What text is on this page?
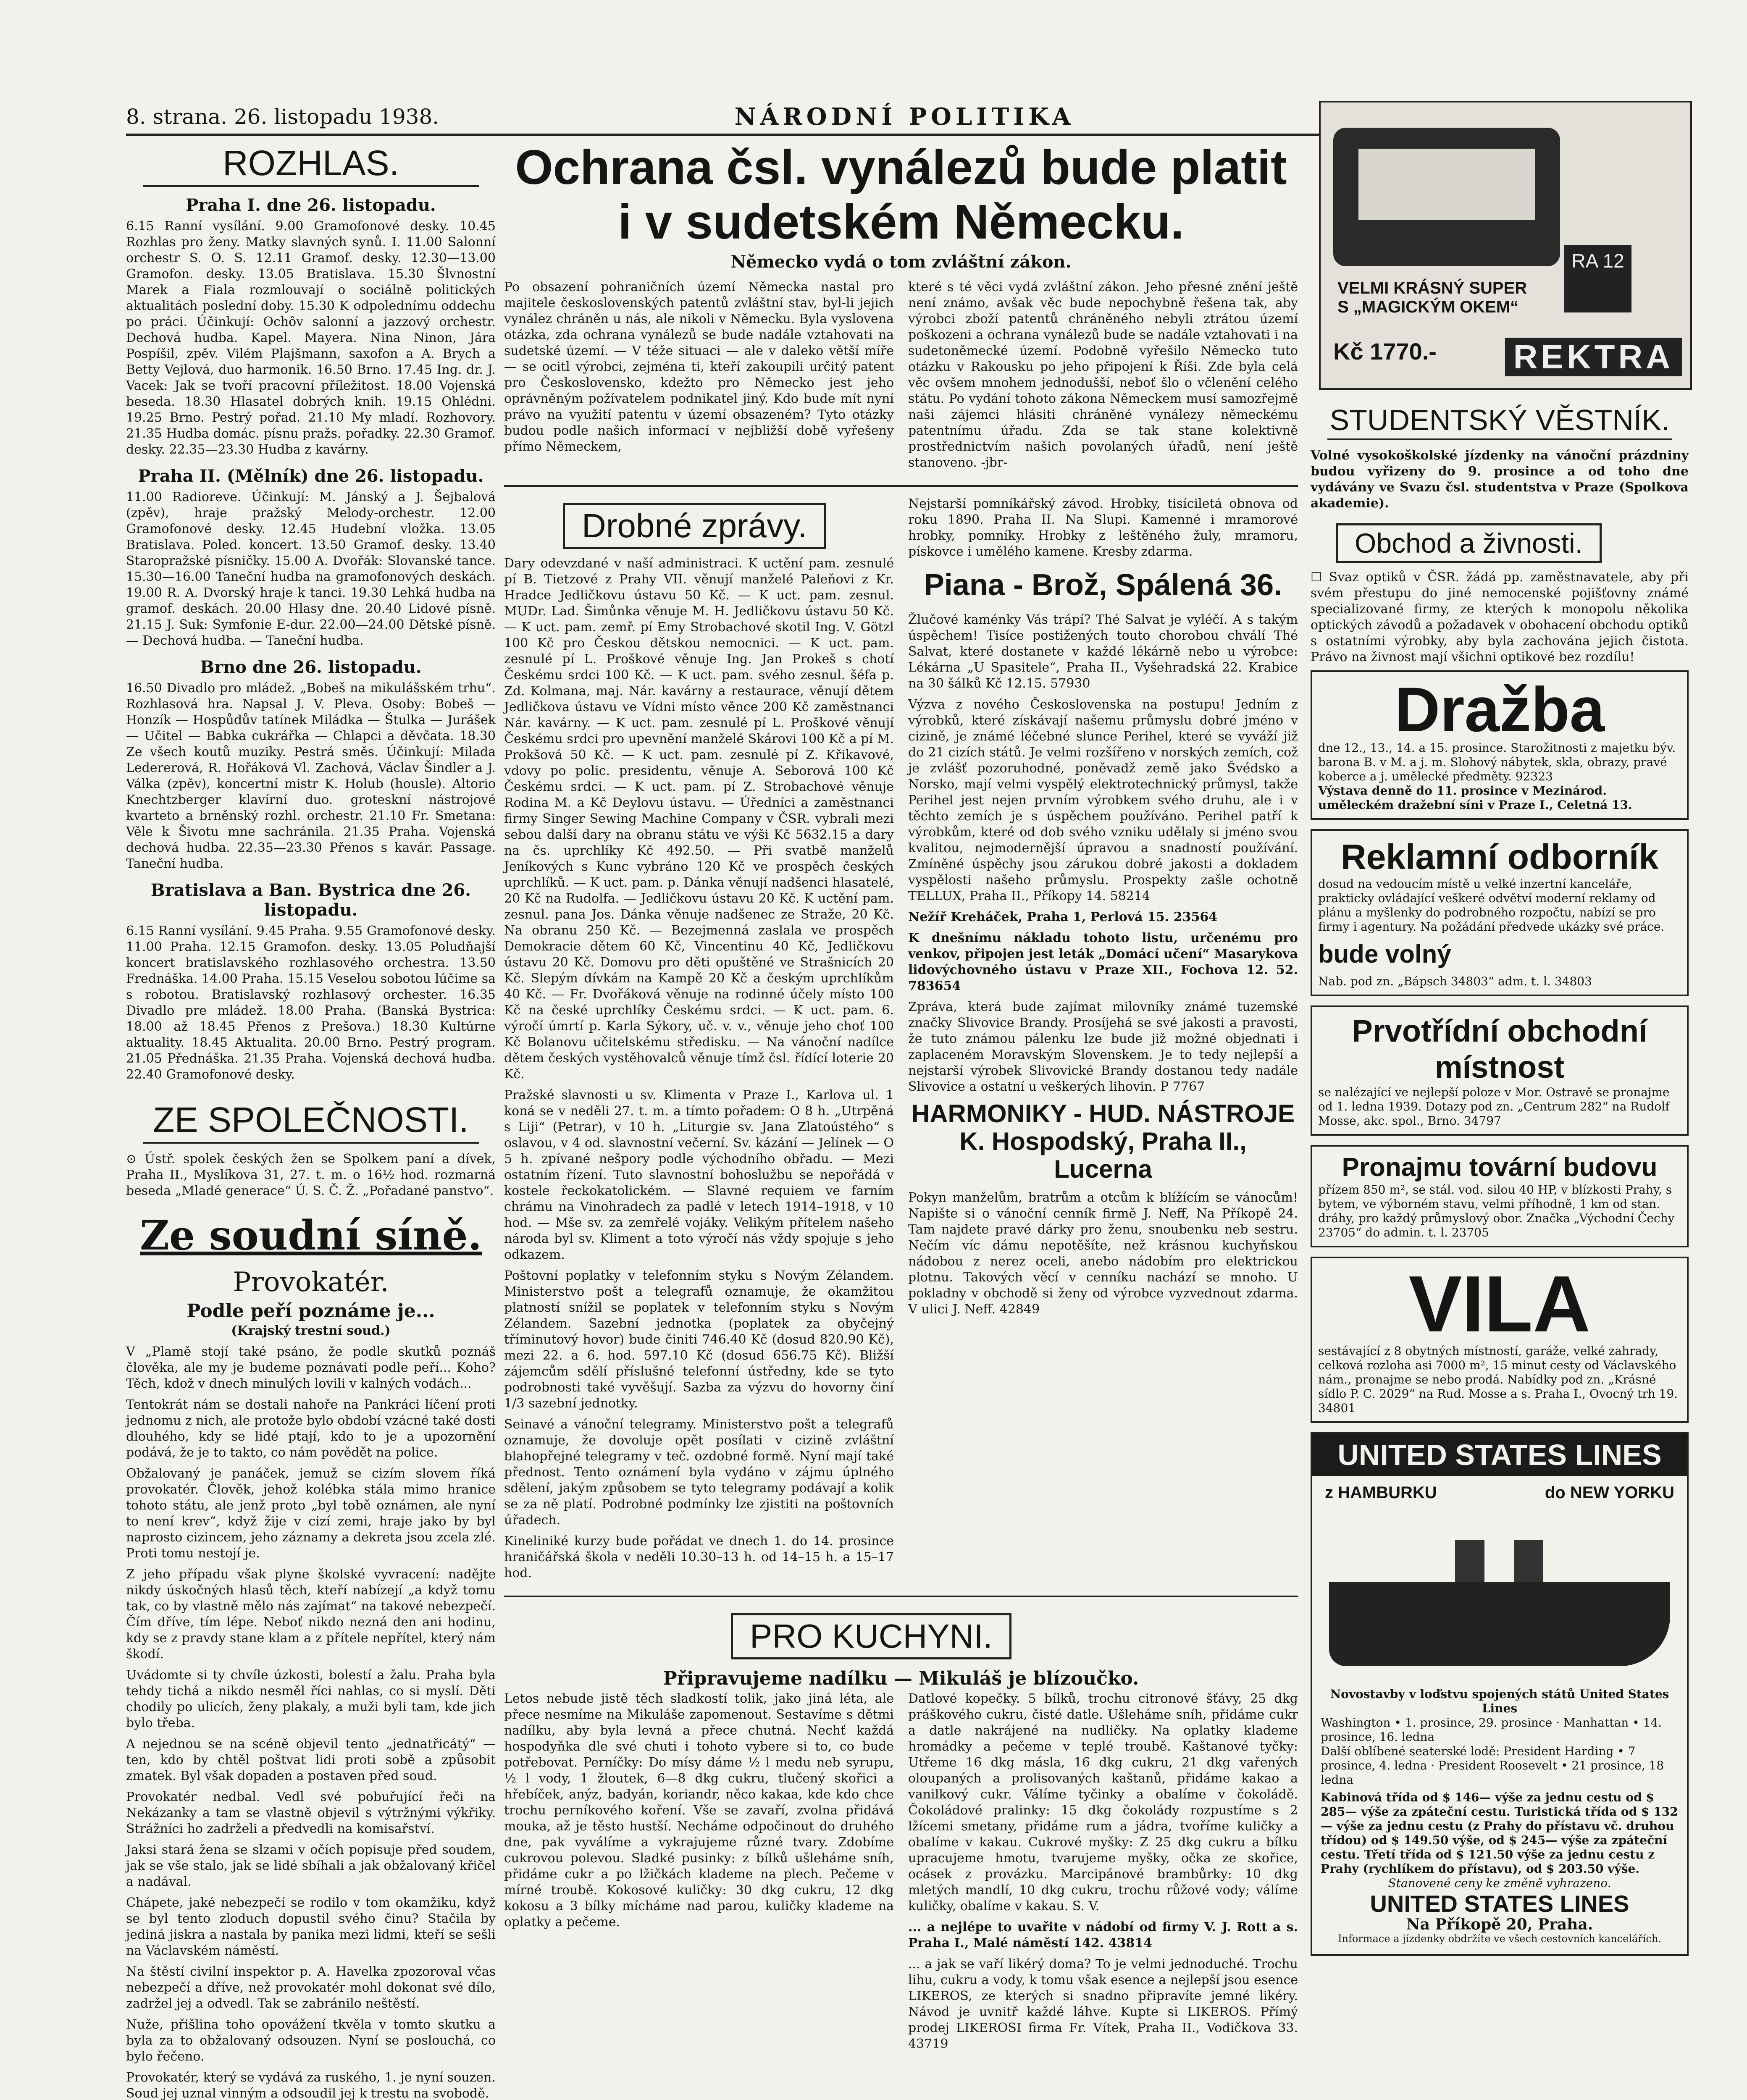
8. strana. 26. listopadu 1938.	NÁRODNÍ POLITIKA
ROZHLAS.
Praha I. dne 26. listopadu.
6.15 Ranní vysílání. 9.00 Gramofonové desky. 10.45 Rozhlas pro ženy. Matky slavných synů. I. 11.00 Salonní orchestr S. O. S. 12.11 Gramof. desky. 12.30—13.00 Gramofon. desky. 13.05 Bratislava. 15.30 Šlvnostní Marek a Fiala rozmlouvají o sociálně politických aktualitách poslední doby. 15.30 K odpolednímu oddechu po práci. Účinkují: Ochôv salonní a jazzový orchestr. Dechová hudba. Kapel. Mayera. Nina Ninon, Jára Pospíšil, zpěv. Vilém Plajšmann, saxofon a A. Brych a Betty Vejlová, duo harmonik. 16.50 Brno. 17.45 Ing. dr. J. Vacek: Jak se tvoří pracovní příležitost. 18.00 Vojenská beseda. 18.30 Hlasatel dobrých knih. 19.15 Ohlédni. 19.25 Brno. Pestrý pořad. 21.10 My mladí. Rozhovory. 21.35 Hudba domác. písnu pražs. pořadky. 22.30 Gramof. desky. 22.35—23.30 Hudba z kavárny.
Praha II. (Mělník) dne 26. listopadu.
11.00 Radioreve. Účinkují: M. Jánský a J. Šejbalová (zpěv), hraje pražský Melody-orchestr. 12.00 Gramofonové desky. 12.45 Hudební vložka. 13.05 Bratislava. Poled. koncert. 13.50 Gramof. desky. 13.40 Staropražské písničky. 15.00 A. Dvořák: Slovanské tance. 15.30—16.00 Taneční hudba na gramofonových deskách. 19.00 R. A. Dvorský hraje k tanci. 19.30 Lehká hudba na gramof. deskách. 20.00 Hlasy dne. 20.40 Lidové písně. 21.15 J. Suk: Symfonie E-dur. 22.00—24.00 Dětské písně. — Dechová hudba. — Taneční hudba.
Brno dne 26. listopadu.
16.50 Divadlo pro mládež. „Bobeš na mikulášském trhu“. Rozhlasová hra. Napsal J. V. Pleva. Osoby: Bobeš — Honzík — Hospůdův tatínek Miládka — Štulka — Jurášek — Učitel — Babka cukrářka — Chlapci a děvčata. 18.30 Ze všech koutů muziky. Pestrá směs. Účinkují: Milada Ledererová, R. Hořáková Vl. Zachová, Václav Šindler a J. Válka (zpěv), koncertní mistr K. Holub (housle). Altorio Knechtzberger klavírní duo. groteskní nástrojové kvarteto a brněnský rozhl. orchestr. 21.10 Fr. Smetana: Věle k Šivotu mne sachránila. 21.35 Praha. Vojenská dechová hudba. 22.35—23.30 Přenos s kavár. Passage. Taneční hudba.
Bratislava a Ban. Bystrica dne 26. listopadu.
6.15 Ranní vysílání. 9.45 Praha. 9.55 Gramofonové desky. 11.00 Praha. 12.15 Gramofon. desky. 13.05 Poludňajší koncert bratislavského rozhlasového orchestra. 13.50 Frednáška. 14.00 Praha. 15.15 Veselou sobotou lúčime sa s robotou. Bratislavský rozhlasový orchester. 16.35 Divadlo pre mládež. 18.00 Praha. (Banská Bystrica: 18.00 až 18.45 Přenos z Prešova.) 18.30 Kultúrne aktuality. 18.45 Aktualita. 20.00 Brno. Pestrý program. 21.05 Přednáška. 21.35 Praha. Vojenská dechová hudba. 22.40 Gramofonové desky.
ZE SPOLEČNOSTI.
⊙ Ústř. spolek českých žen se Spolkem paní a dívek, Praha II., Myslíkova 31, 27. t. m. o 16½ hod. rozmarná beseda „Mladé generace“ Ú. S. Č. Ž. „Pořadané panstvo“.
Ze soudní síně.
Provokatér.
Podle peří poznáme je...
(Krajský trestní soud.)
V „Plamě stojí také psáno, že podle skutků poznáš člověka, ale my je budeme poznávati podle peří... Koho? Těch, kdož v dnech minulých lovili v kalných vodách...
Tentokrát nám se dostali nahoře na Pankráci líčení proti jednomu z nich, ale protože bylo období vzácné také dosti dlouhého, kdy se lidé ptají, kdo to je a upozornění podává, že je to takto, co nám povědět na police.
Obžalovaný je panáček, jemuž se cizím slovem říká provokatér. Člověk, jehož kolébka stála mimo hranice tohoto státu, ale jenž proto „byl tobě oznámen, ale nyní to není krev“, když žije v cizí zemi, hraje jako by byl naprosto cizincem, jeho záznamy a dekreta jsou zcela zlé. Proti tomu nestojí je.
Z jeho případu však plyne školské vyvracení: nadějte nikdy úskočných hlasů těch, kteří nabízejí „a když tomu tak, co by vlastně mělo nás zajímat“ na takové nebezpečí. Čím dříve, tím lépe. Neboť nikdo nezná den ani hodinu, kdy se z pravdy stane klam a z přítele nepřítel, který nám škodí.
Uvádomte si ty chvíle úzkosti, bolestí a žalu. Praha byla tehdy tichá a nikdo nesměl říci nahlas, co si myslí. Děti chodily po ulicích, ženy plakaly, a muži byli tam, kde jich bylo třeba.
A nejednou se na scéně objevil tento „jednatřicátý“ — ten, kdo by chtěl poštvat lidi proti sobě a způsobit zmatek. Byl však dopaden a postaven před soud.
Provokatér nedbal. Vedl své pobuřující řeči na Nekázanky a tam se vlastně objevil s výtržnými výkřiky. Strážníci ho zadrželi a předvedli na komisařství.
Jaksi stará žena se slzami v očích popisuje před soudem, jak se vše stalo, jak se lidé sbíhali a jak obžalovaný křičel a nadával.
Chápete, jaké nebezpečí se rodilo v tom okamžiku, když se byl tento zloduch dopustil svého činu? Stačila by jediná jiskra a nastala by panika mezi lidmi, kteří se sešli na Václavském náměstí.
Na štěstí civilní inspektor p. A. Havelka zpozoroval včas nebezpečí a dříve, než provokatér mohl dokonat své dílo, zadržel jej a odvedl. Tak se zabránilo neštěstí.
Nuže, přišlina toho opovážení tkvěla v tomto skutku a byla za to obžalovaný odsouzen. Nyní se poslouchá, co bylo řečeno.
Provokatér, který se vydává za ruského, 1. je nyní souzen. Soud jej uznal vinným a odsoudil jej k trestu na svobodě.
Ochrana čsl. vynálezů bude platit
i v sudetském Německu.
Německo vydá o tom zvláštní zákon.
Po obsazení pohraničních území Německa nastal pro majitele československých patentů zvláštní stav, byl-li jejich vynález chráněn u nás, ale nikoli v Německu. Byla vyslovena otázka, zda ochrana vynálezů se bude nadále vztahovati na sudetské území. — V téže situaci — ale v daleko větší míře — se ocitl výrobci, zejména ti, kteří zakoupili určitý patent pro Československo, kdežto pro Německo jest jeho oprávněným požívatelem podnikatel jiný. Kdo bude mít nyní právo na využití patentu v území obsazeném? Tyto otázky budou podle našich informací v nejbližší době vyřešeny přímo Německem,
které s té věci vydá zvláštní zákon. Jeho přesné znění ještě není známo, avšak věc bude nepochybně řešena tak, aby výrobci zboží patentů chráněného nebyli ztrátou území poškozeni a ochrana vynálezů bude se nadále vztahovati i na sudetoněmecké území. Podobně vyřešilo Německo tuto otázku v Rakousku po jeho připojení k Říši. Zde byla celá věc ovšem mnohem jednodušší, neboť šlo o včlenění celého státu. Po vydání tohoto zákona Německem musí samozřejmě naši zájemci hlásiti chráněné vynálezy německému patentnímu úřadu. Zda se tak stane kolektivně prostřednictvím našich povolaných úřadů, není ještě stanoveno. -jbr-
Drobné zprávy.
Dary odevzdané v naší administraci. K uctění pam. zesnulé pí B. Tietzové z Prahy VII. věnují manželé Paleňovi z Kr. Hradce Jedličkovu ústavu 50 Kč. — K uct. pam. zesnul. MUDr. Lad. Šimůnka věnuje M. H. Jedličkovu ústavu 50 Kč. — K uct. pam. zemř. pí Emy Strobachové skotil Ing. V. Götzl 100 Kč pro Českou dětskou nemocnici. — K uct. pam. zesnulé pí L. Proškové věnuje Ing. Jan Prokeš s chotí Českému srdci 100 Kč. — K uct. pam. svého zesnul. šéfa p. Zd. Kolmana, maj. Nár. kavárny a restaurace, věnují dětem Jedličkova ústavu ve Vídni místo věnce 200 Kč zaměstnanci Nár. kavárny. — K uct. pam. zesnulé pí L. Proškové věnují Českému srdci pro upevnění manželé Skárovi 100 Kč a pí M. Prokšová 50 Kč. — K uct. pam. zesnulé pí Z. Křikavové, vdovy po polic. presidentu, věnuje A. Seborová 100 Kč Českému srdci. — K uct. pam. pí Z. Strobachové věnuje Rodina M. a Kč Deylovu ústavu. — Úředníci a zaměstnanci firmy Singer Sewing Machine Company v ČSR. vybrali mezi sebou další dary na obranu státu ve výši Kč 5632.15 a dary na čs. uprchlíky Kč 492.50. — Při svatbě manželů Jeníkových s Kunc vybráno 120 Kč ve prospěch českých uprchlíků. — K uct. pam. p. Dánka věnují nadšenci hlasatelé, 20 Kč na Rudolfa. — Jedličkovu ústavu 20 Kč. K uctění pam. zesnul. pana Jos. Dánka věnuje nadšenec ze Straže, 20 Kč. Na obranu 250 Kč. — Bezejmenná zaslala ve prospěch Demokracie dětem 60 Kč, Vincentinu 40 Kč, Jedličkovu ústavu 20 Kč. Domovu pro děti opuštěné ve Strašnicích 20 Kč. Slepým dívkám na Kampě 20 Kč a českým uprchlíkům 40 Kč. — Fr. Dvořáková věnuje na rodinné účely místo 100 Kč na české uprchlíky Českému srdci. — K uct. pam. 6. výročí úmrtí p. Karla Sýkory, uč. v. v., věnuje jeho choť 100 Kč Bolanovu učitelskému středisku. — Na vánoční nadílce dětem českých vystěhovalců věnuje tímž čsl. řídící loterie 20 Kč.
Pražské slavnosti u sv. Klimenta v Praze I., Karlova ul. 1 koná se v neděli 27. t. m. a tímto pořadem: O 8 h. „Utrpěná s Liji“ (Petrar), v 10 h. „Liturgie sv. Jana Zlatoústého“ s oslavou, v 4 od. slavnostní večerní. Sv. kázání — Jelínek — O 5 h. zpívané nešpory podle východního obřadu. — Mezi ostatním řízení. Tuto slavnostní bohoslužbu se nepořádá v kostele řeckokatolickém. — Slavné requiem ve farním chrámu na Vinohradech za padlé v letech 1914–1918, v 10 hod. — Mše sv. za zemřelé vojáky. Velikým přítelem našeho národa byl sv. Kliment a toto výročí nás vždy spojuje s jeho odkazem.
Poštovní poplatky v telefonním styku s Novým Zélandem. Ministerstvo pošt a telegrafů oznamuje, že okamžitou platností snížil se poplatek v telefonním styku s Novým Zélandem. Sazební jednotka (poplatek za obyčejný tříminutový hovor) bude činiti 746.40 Kč (dosud 820.90 Kč), mezi 22. a 6. hod. 597.10 Kč (dosud 656.75 Kč). Bližší zájemcům sdělí příslušné telefonní ústředny, kde se tyto podrobnosti také vyvěšují. Sazba za výzvu do hovorny činí 1/3 sazební jednotky.
Seinavé a vánoční telegramy. Ministerstvo pošt a telegrafů oznamuje, že dovoluje opět posílati v cizině zvláštní blahopřejné telegramy v teč. ozdobné formě. Nyní mají také přednost. Tento oznámení byla vydáno v zájmu úplného sdělení, jakým způsobem se tyto telegramy podávají a kolik se za ně platí. Podrobné podmínky lze zjistiti na poštovních úřadech.
Kineliniké kurzy bude pořádat ve dnech 1. do 14. prosince hraničářská škola v neděli 10.30–13 h. od 14–15 h. a 15–17 hod.
Nejstarší pomníkářský závod. Hrobky, tisíciletá obnova od roku 1890. Praha II. Na Slupi. Kamenné i mramorové hrobky, pomníky. Hrobky z leštěného žuly, mramoru, pískovce i umělého kamene. Kresby zdarma.
Piana - Brož, Spálená 36.
Žlučové kaménky Vás trápí? Thé Salvat je vyléčí. A s takým úspěchem! Tisíce postižených touto chorobou chválí Thé Salvat, které dostanete v každé lékárně nebo u výrobce: Lékárna „U Spasitele“, Praha II., Vyšehradská 22. Krabice na 30 šálků Kč 12.15. 57930
Výzva z nového Československa na postupu! Jedním z výrobků, které získávají našemu průmyslu dobré jméno v cizině, je známé léčebné slunce Perihel, které se vyváží již do 21 cizích států. Je velmi rozšířeno v norských zemích, což je zvlášť pozoruhodné, poněvadž země jako Švédsko a Norsko, mají velmi vyspělý elektrotechnický průmysl, takže Perihel jest nejen prvním výrobkem svého druhu, ale i v těchto zemích je s úspěchem používáno. Perihel patří k výrobkům, které od dob svého vzniku udělaly si jméno svou kvalitou, nejmodernější úpravou a snadností používání. Zmíněné úspěchy jsou zárukou dobré jakosti a dokladem vyspělosti našeho průmyslu. Prospekty zašle ochotně TELLUX, Praha II., Příkopy 14. 58214
Nežíř Kreháček, Praha 1, Perlová 15. 23564
K dnešnímu nákladu tohoto listu, určenému pro venkov, připojen jest leták „Domácí učení“ Masarykova lidovýchovného ústavu v Praze XII., Fochova 12. 52. 783654
Zpráva, která bude zajímat milovníky známé tuzemské značky Slivovice Brandy. Prosíjehá se své jakosti a pravosti, že tuto známou pálenku lze bude již možné objednati i zaplaceném Moravským Slovenskem. Je to tedy nejlepší a nejstarší výrobek Slivovické Brandy dostanou tedy nadále Slivovice a ostatní u veškerých lihovin. P 7767
HARMONIKY - HUD. NÁSTROJE K. Hospodský, Praha II., Lucerna
Pokyn manželům, bratrům a otcům k blížícím se vánocům! Napište si o vánoční cenník firmě J. Neff, Na Příkopě 24. Tam najdete pravé dárky pro ženu, snoubenku neb sestru. Nečím víc dámu nepotěšíte, než krásnou kuchyňskou nádobou z nerez oceli, anebo nádobím pro elektrickou plotnu. Takových věcí v cenníku nachází se mnoho. U pokladny v obchodě si ženy od výrobce vyzvednout zdarma. V ulici J. Neff. 42849
PRO KUCHYNI.
Připravujeme nadílku — Mikuláš je blízoučko.
Letos nebude jistě těch sladkostí tolik, jako jiná léta, ale přece nesmíme na Mikuláše zapomenout. Sestavíme s dětmi nadílku, aby byla levná a přece chutná. Nechť každá hospodyňka dle své chuti i tohoto vybere si to, co bude potřebovat. Perníčky: Do mísy dáme ½ l medu neb syrupu, ½ l vody, 1 žloutek, 6—8 dkg cukru, tlučený skořici a hřebíček, anýz, badyán, koriandr, něco kakaa, kde kdo chce trochu perníkového koření. Vše se zavaří, zvolna přidává mouka, až je těsto hustší. Necháme odpočinout do druhého dne, pak vyválíme a vykrajujeme různé tvary. Zdobíme cukrovou polevou. Sladké pusinky: z bílků ušleháme sníh, přidáme cukr a po lžičkách klademe na plech. Pečeme v mírné troubě. Kokosové kuličky: 30 dkg cukru, 12 dkg kokosu a 3 bílky mícháme nad parou, kuličky klademe na oplatky a pečeme.
Datlové kopečky. 5 bílků, trochu citronové šťávy, 25 dkg práškového cukru, čisté datle. Ušleháme sníh, přidáme cukr a datle nakrájené na nudličky. Na oplatky klademe hromádky a pečeme v teplé troubě. Kaštanové tyčky: Utřeme 16 dkg másla, 16 dkg cukru, 21 dkg vařených oloupaných a prolisovaných kaštanů, přidáme kakao a vanilkový cukr. Válíme tyčinky a obalíme v čokoládě. Čokoládové pralinky: 15 dkg čokolády rozpustíme s 2 lžícemi smetany, přidáme rum a jádra, tvoříme kuličky a obalíme v kakau. Cukrové myšky: Z 25 dkg cukru a bílku upracujeme hmotu, tvarujeme myšky, očka ze skořice, ocásek z provázku. Marcipánové brambůrky: 10 dkg mletých mandlí, 10 dkg cukru, trochu růžové vody; válíme kuličky, obalíme v kakau. S. V.
... a nejlépe to uvařite v nádobí od firmy V. J. Rott a s. Praha I., Malé náměstí 142. 43814
... a jak se vaří likérý doma? To je velmi jednoduché. Trochu lihu, cukru a vody, k tomu však esence a nejlepší jsou esence LIKEROS, ze kterých si snadno připravíte jemné likéry. Návod je uvnitř každé láhve. Kupte si LIKEROS. Přímý prodej LIKEROSI firma Fr. Vítek, Praha II., Vodičkova 33. 43719
RA 12
VELMI KRÁSNÝ SUPER
S „MAGICKÝM OKEM“
Kč 1770.- REKTRA
STUDENTSKÝ VĚSTNÍK.
Volné vysokoškolské jízdenky na vánoční prázdniny budou vyřizeny do 9. prosince a od toho dne vydávány ve Svazu čsl. studentstva v Praze (Spolkova akademie).
Obchod a živnosti.
☐ Svaz optiků v ČSR. žádá pp. zaměstnavatele, aby při svém přestupu do jiné nemocenské pojišťovny známé specializované firmy, ze kterých k monopolu několika optických závodů a požadavek v obohacení obchodu optiků s ostatními výrobky, aby byla zachována jejich čistota. Právo na živnost mají všichni optikové bez rozdílu!
Dražba
dne 12., 13., 14. a 15. prosince. Starožitnosti z majetku býv. barona B. v M. a j. m. Slohový nábytek, skla, obrazy, pravé koberce a j. umělecké předměty. 92323
Výstava denně do 11. prosince v Mezinárod. uměleckém dražební síni v Praze I., Celetná 13.
Reklamní odborník
dosud na vedoucím místě u velké inzertní kanceláře, prakticky ovládající veškeré odvětví moderní reklamy od plánu a myšlenky do podrobného rozpočtu, nabízí se pro firmy i agentury. Na požádání předvede ukázky své práce.
bude volný
Nab. pod zn. „Bápsch 34803“ adm. t. l. 34803
Prvotřídní obchodní místnost
se nalézající ve nejlepší poloze v Mor. Ostravě se pronajme od 1. ledna 1939. Dotazy pod zn. „Centrum 282“ na Rudolf Mosse, akc. spol., Brno. 34797
Pronajmu tovární budovu
přízem 850 m², se stál. vod. silou 40 HP, v blízkosti Prahy, s bytem, ve výborném stavu, velmi příhodně, 1 km od stan. dráhy, pro každý průmyslový obor. Značka „Východní Čechy 23705“ do admin. t. l. 23705
VILA
sestávající z 8 obytných místností, garáže, velké zahrady, celková rozloha asi 7000 m², 15 minut cesty od Václavského nám., pronajme se nebo prodá. Nabídky pod zn. „Krásné sídlo P. C. 2029“ na Rud. Mosse a s. Praha I., Ovocný trh 19. 34801
UNITED STATES LINES
z HAMBURKU	do NEW YORKU
Novostavby v loďstvu spojených států United States Lines
Washington • 1. prosince, 29. prosince · Manhattan • 14. prosince, 16. ledna
Další oblíbené seaterské lodě: President Harding • 7 prosince, 4. ledna · President Roosevelt • 21 prosince, 18 ledna
Kabinová třída od $ 146— výše za jednu cestu od $ 285— výše za zpáteční cestu. Turistická třída od $ 132— výše za jednu cestu (z Prahy do přístavu vč. druhou třídou) od $ 149.50 výše, od $ 245— výše za zpáteční cestu. Třetí třída od $ 121.50 výše za jednu cestu z Prahy (rychlíkem do přístavu), od $ 203.50 výše.
Stanovené ceny ke změně vyhrazeno.
UNITED STATES LINES
Na Příkopě 20, Praha.
Informace a jízdenky obdržíte ve všech cestovních kancelářích.
